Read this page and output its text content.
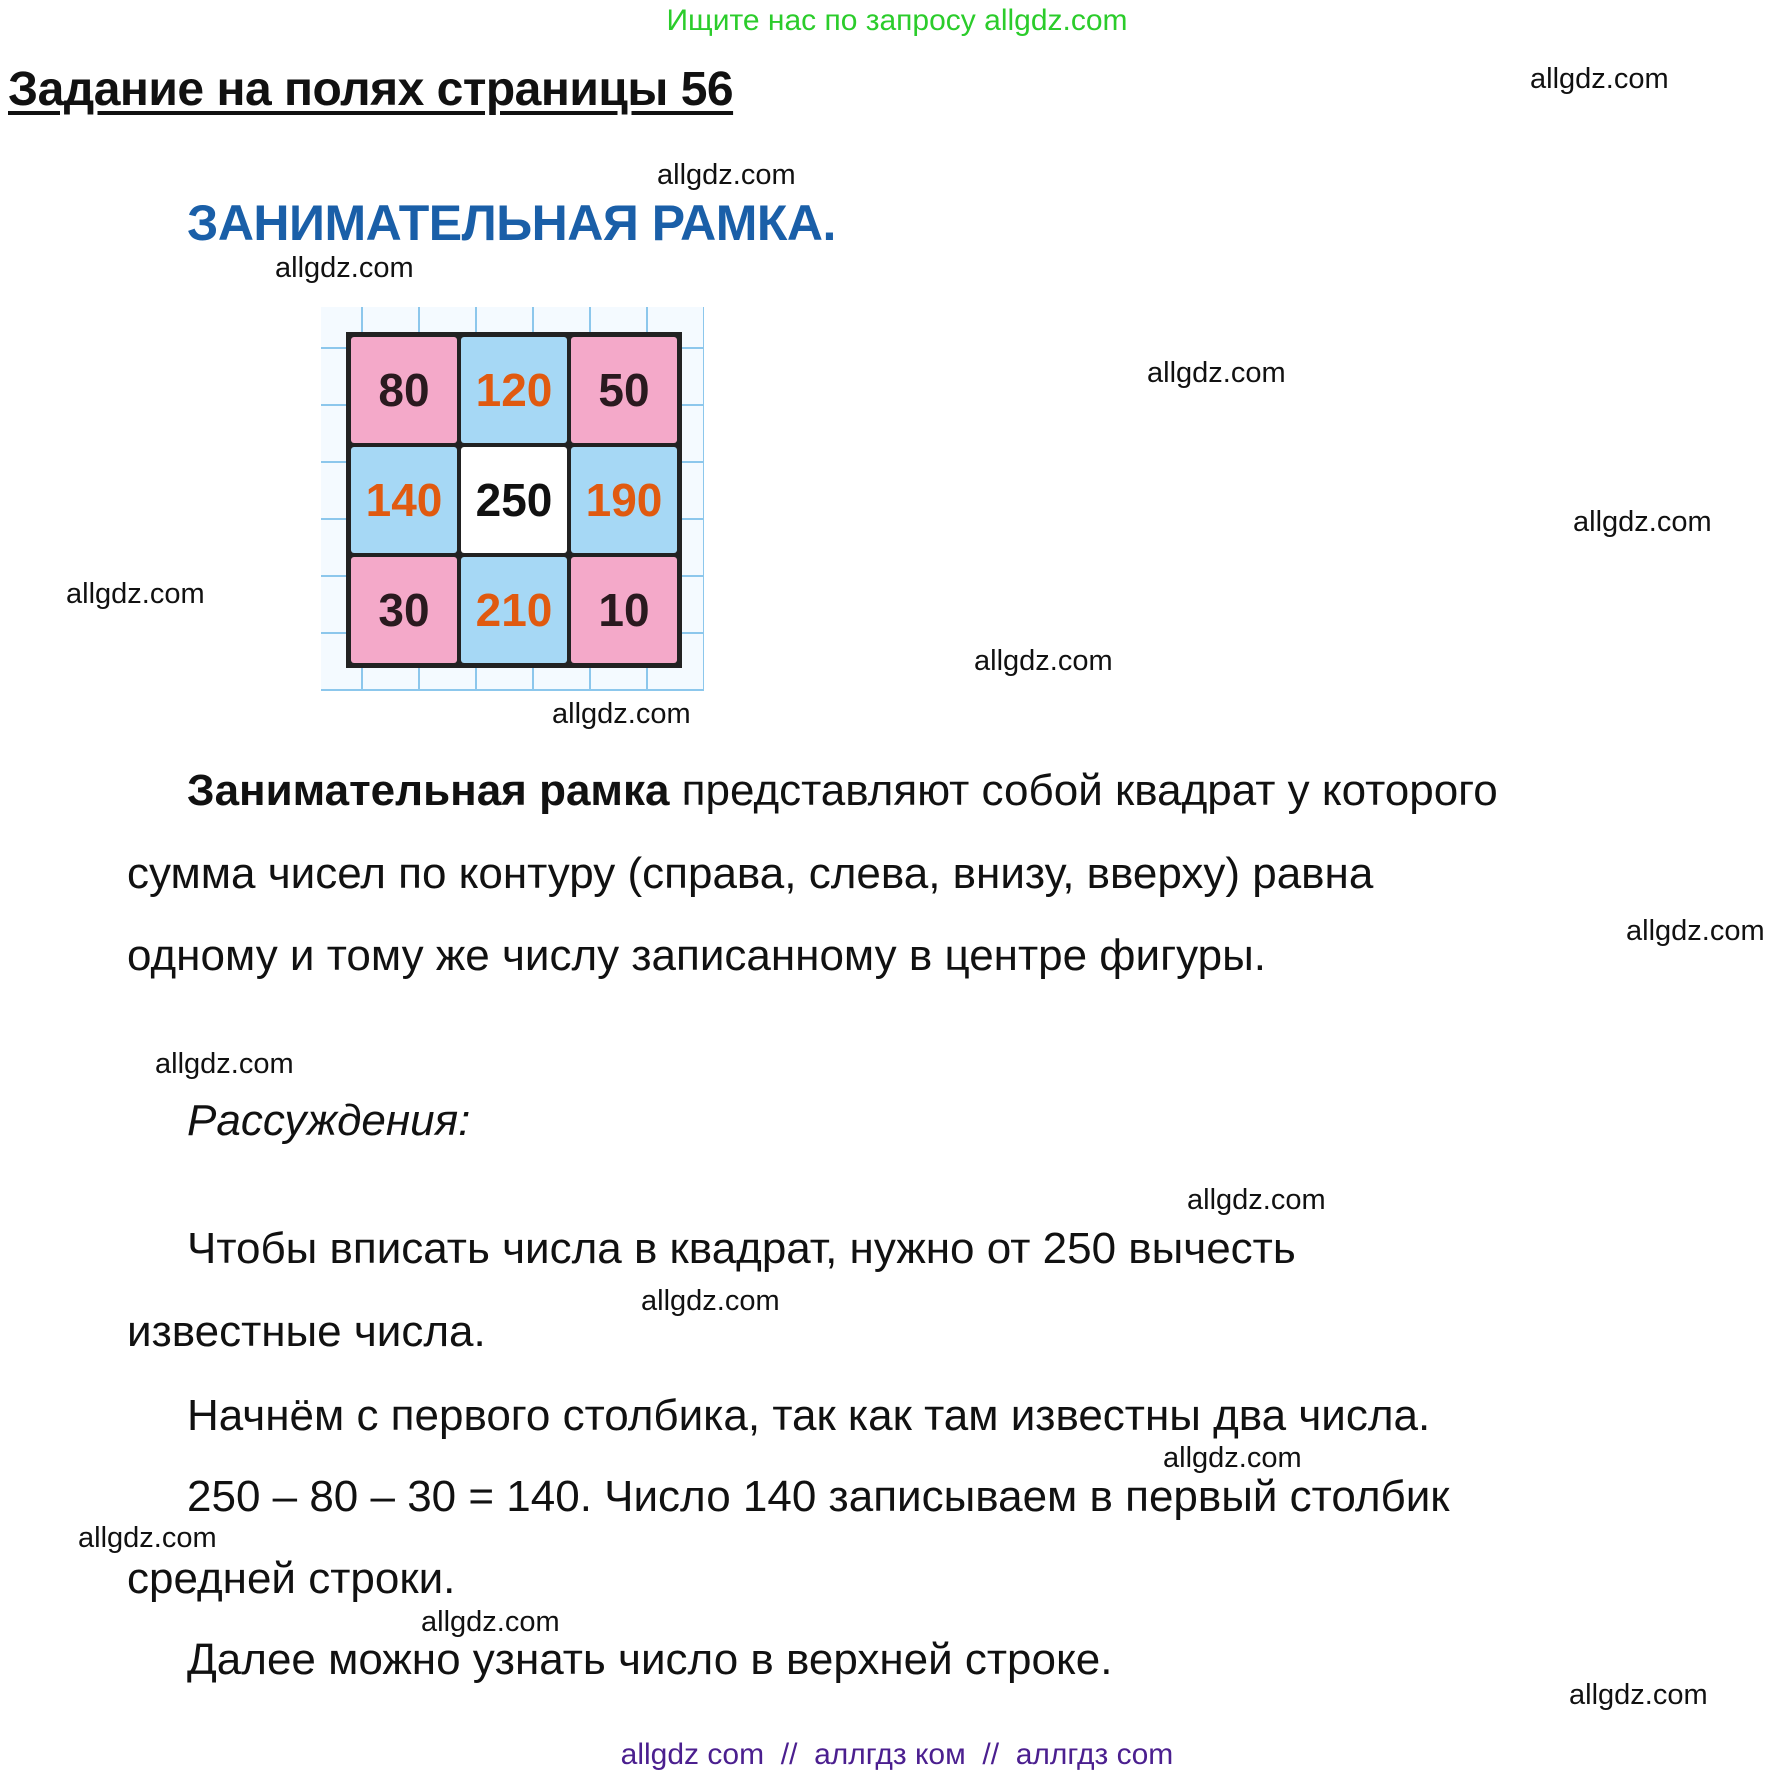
Ищите нас по запросу allgdz.com
Задание на полях страницы 56
ЗАНИМАТЕЛЬНАЯ РАМКА.
80	120	50
140 250 190
30	210	10
Занимательная рамка представляют собой квадрат у которого
сумма чисел по контуру (справа, слева, внизу, вверху) равна
одному и тому же числу записанному в центре фигуры.
Рассуждения:
Чтобы вписать числа в квадрат, нужно от 250 вычесть
известные числа.
Начнём с первого столбика, так как там известны два числа.
250 – 80 – 30 = 140. Число 140 записываем в первый столбик
средней строки.
Далее можно узнать число в верхней строке.
allgdz.com
allgdz.com
allgdz.com
allgdz.com
allgdz.com
allgdz.com
allgdz.com
allgdz.com
allgdz.com
allgdz.com
allgdz.com
allgdz.com
allgdz.com
allgdz.com
allgdz.com
allgdz.com
allgdz com  //  аллгдз ком  //  аллгдз com
